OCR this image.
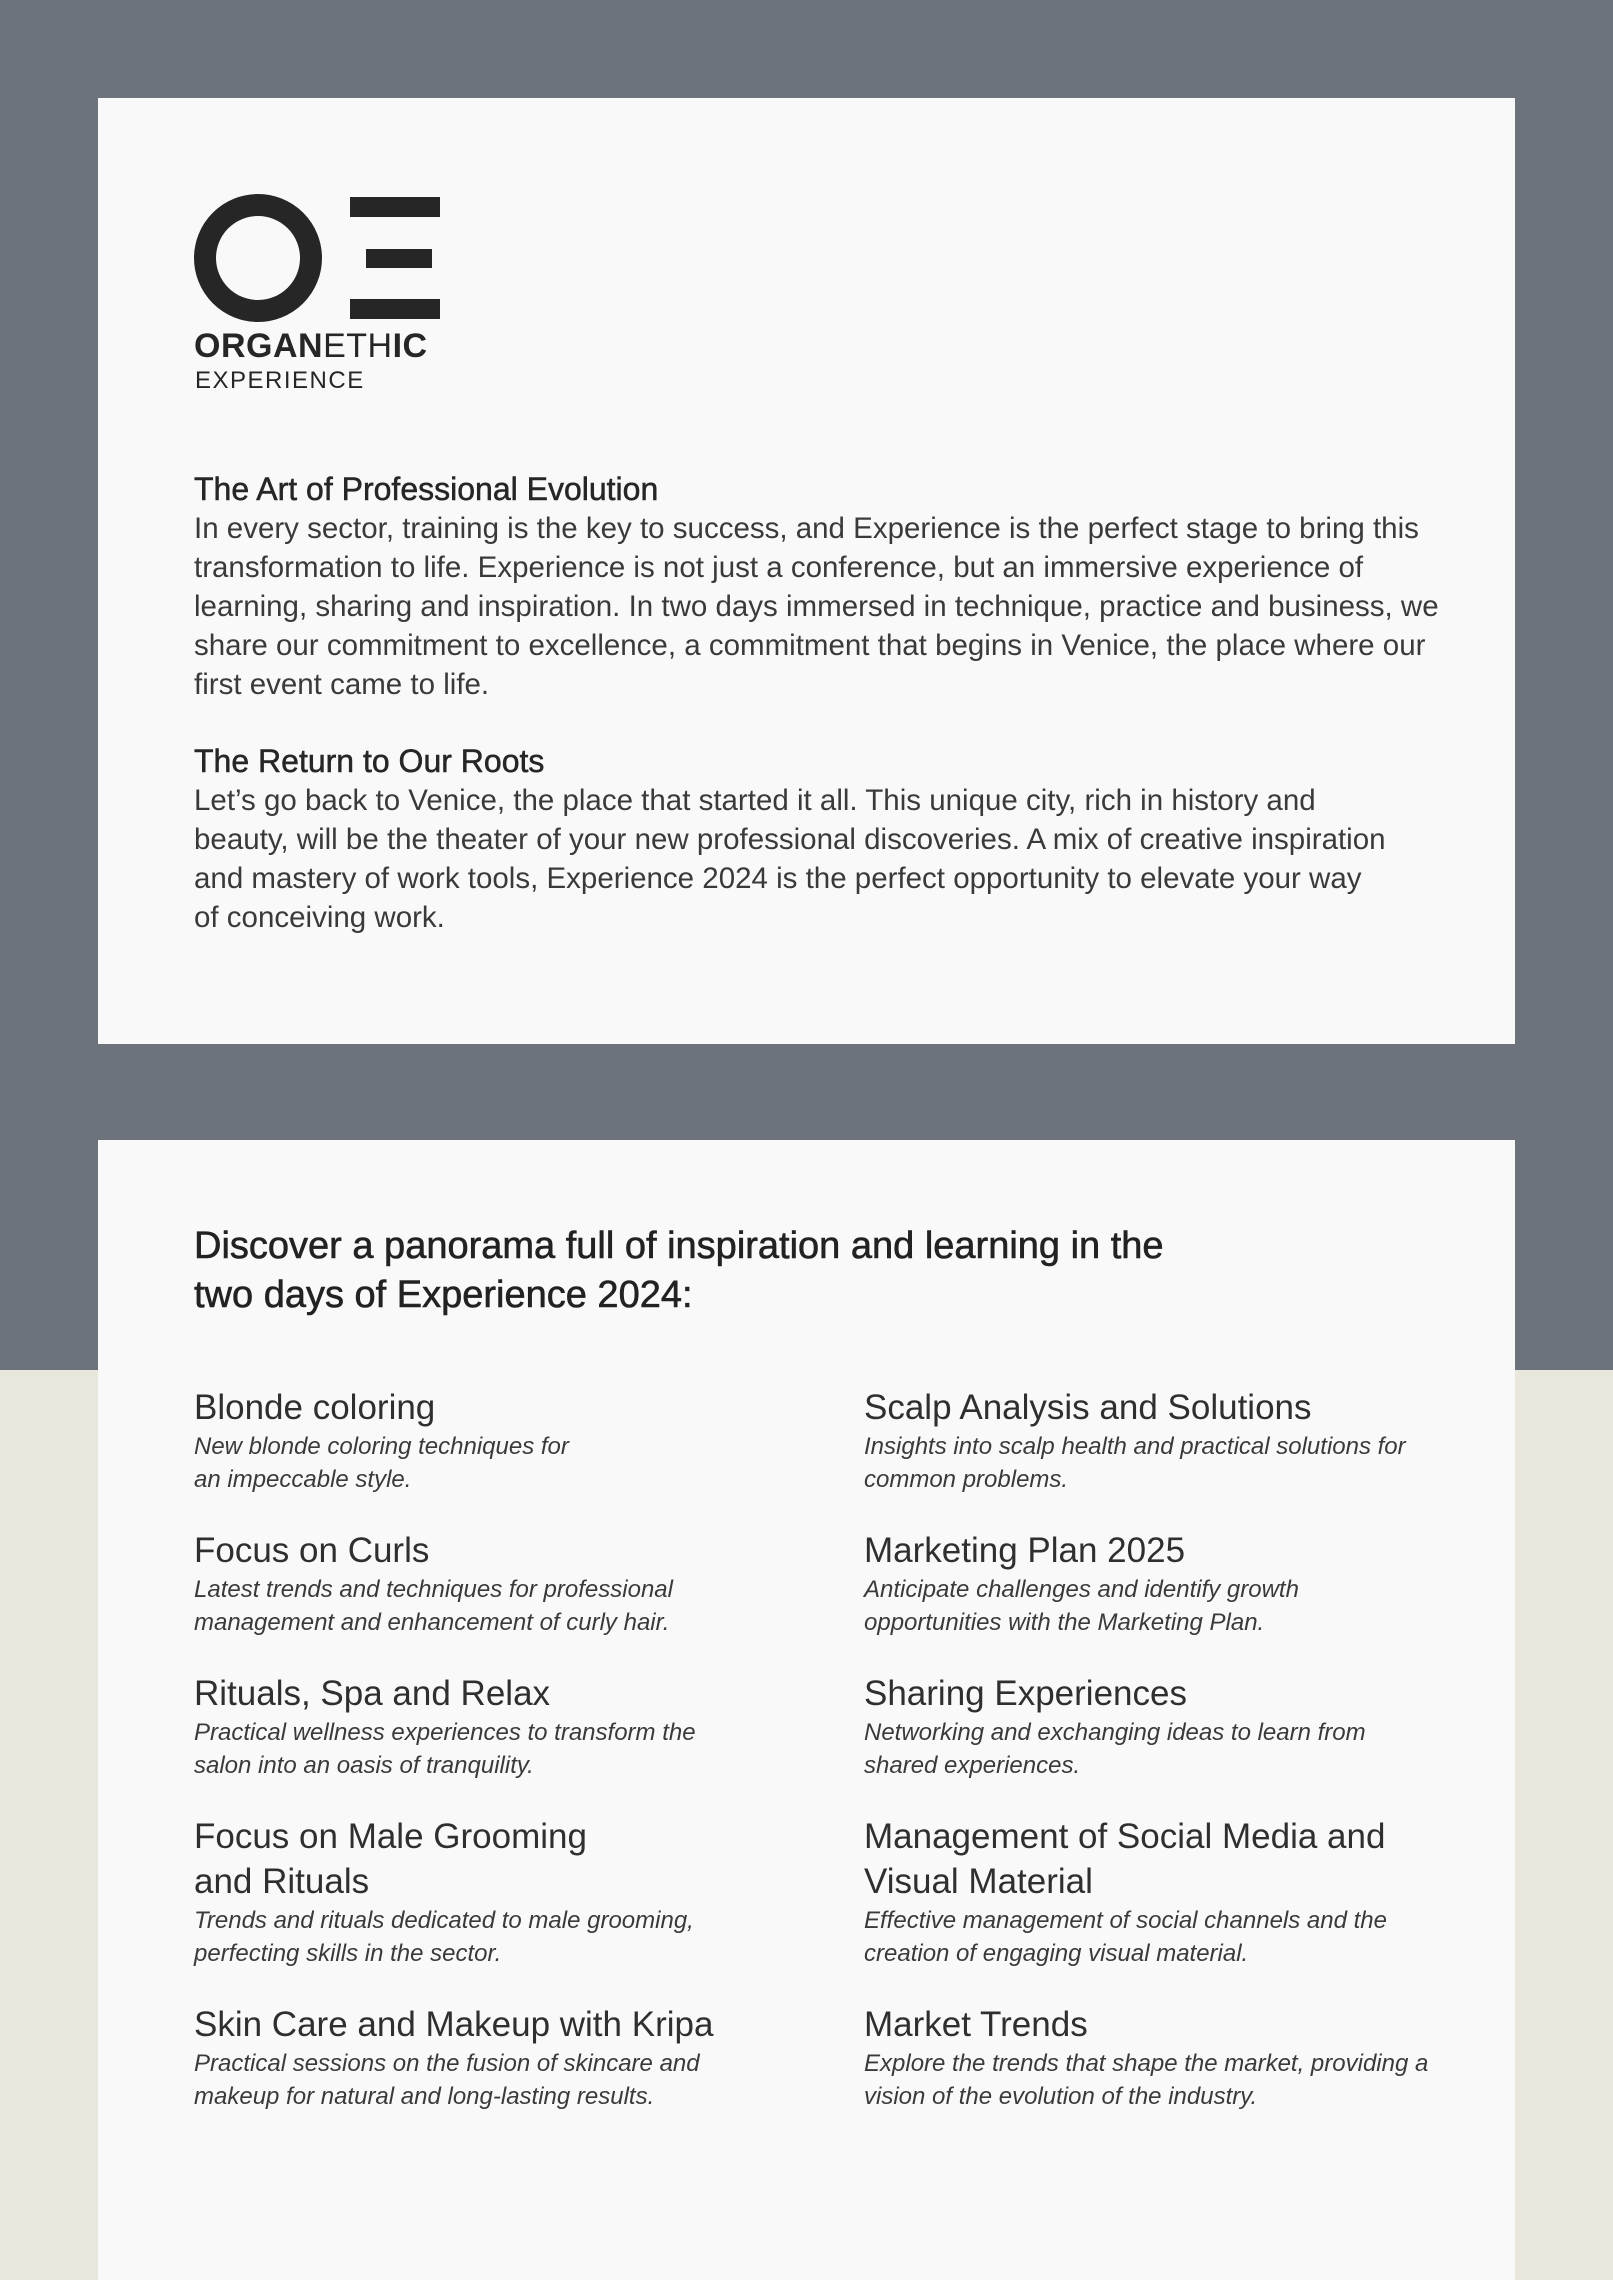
ORGANETHIC
EXPERIENCE
The Art of Professional Evolution

In every sector, training is the key to success, and Experience is the perfect stage to bring this transformation to life. Experience is not just a conference, but an immersive experience of learning, sharing and inspiration. In two days immersed in technique, practice and business, we share our commitment to excellence, a commitment that begins in Venice, the place where our first event came to life.

The Return to Our Roots

Let’s go back to Venice, the place that started it all. This unique city, rich in history and beauty, will be the theater of your new professional discoveries. A mix of creative inspiration and mastery of work tools, Experience 2024 is the perfect opportunity to elevate your way of conceiving work.

Discover a panorama full of inspiration and learning in the two days of Experience 2024:
Blonde coloring
New blonde coloring techniques for an impeccable style.
Scalp Analysis and Solutions
Insights into scalp health and practical solutions for common problems.
Focus on Curls
Latest trends and techniques for professional management and enhancement of curly hair.
Marketing Plan 2025
Anticipate challenges and identify growth opportunities with the Marketing Plan.
Rituals, Spa and Relax
Practical wellness experiences to transform the salon into an oasis of tranquility.
Sharing Experiences
Networking and exchanging ideas to learn from shared experiences.
Focus on Male Grooming and Rituals
Trends and rituals dedicated to male grooming, perfecting skills in the sector.
Management of Social Media and Visual Material
Effective management of social channels and the creation of engaging visual material.
Skin Care and Makeup with Kripa
Practical sessions on the fusion of skincare and makeup for natural and long-lasting results.
Market Trends
Explore the trends that shape the market, providing a vision of the evolution of the industry.
